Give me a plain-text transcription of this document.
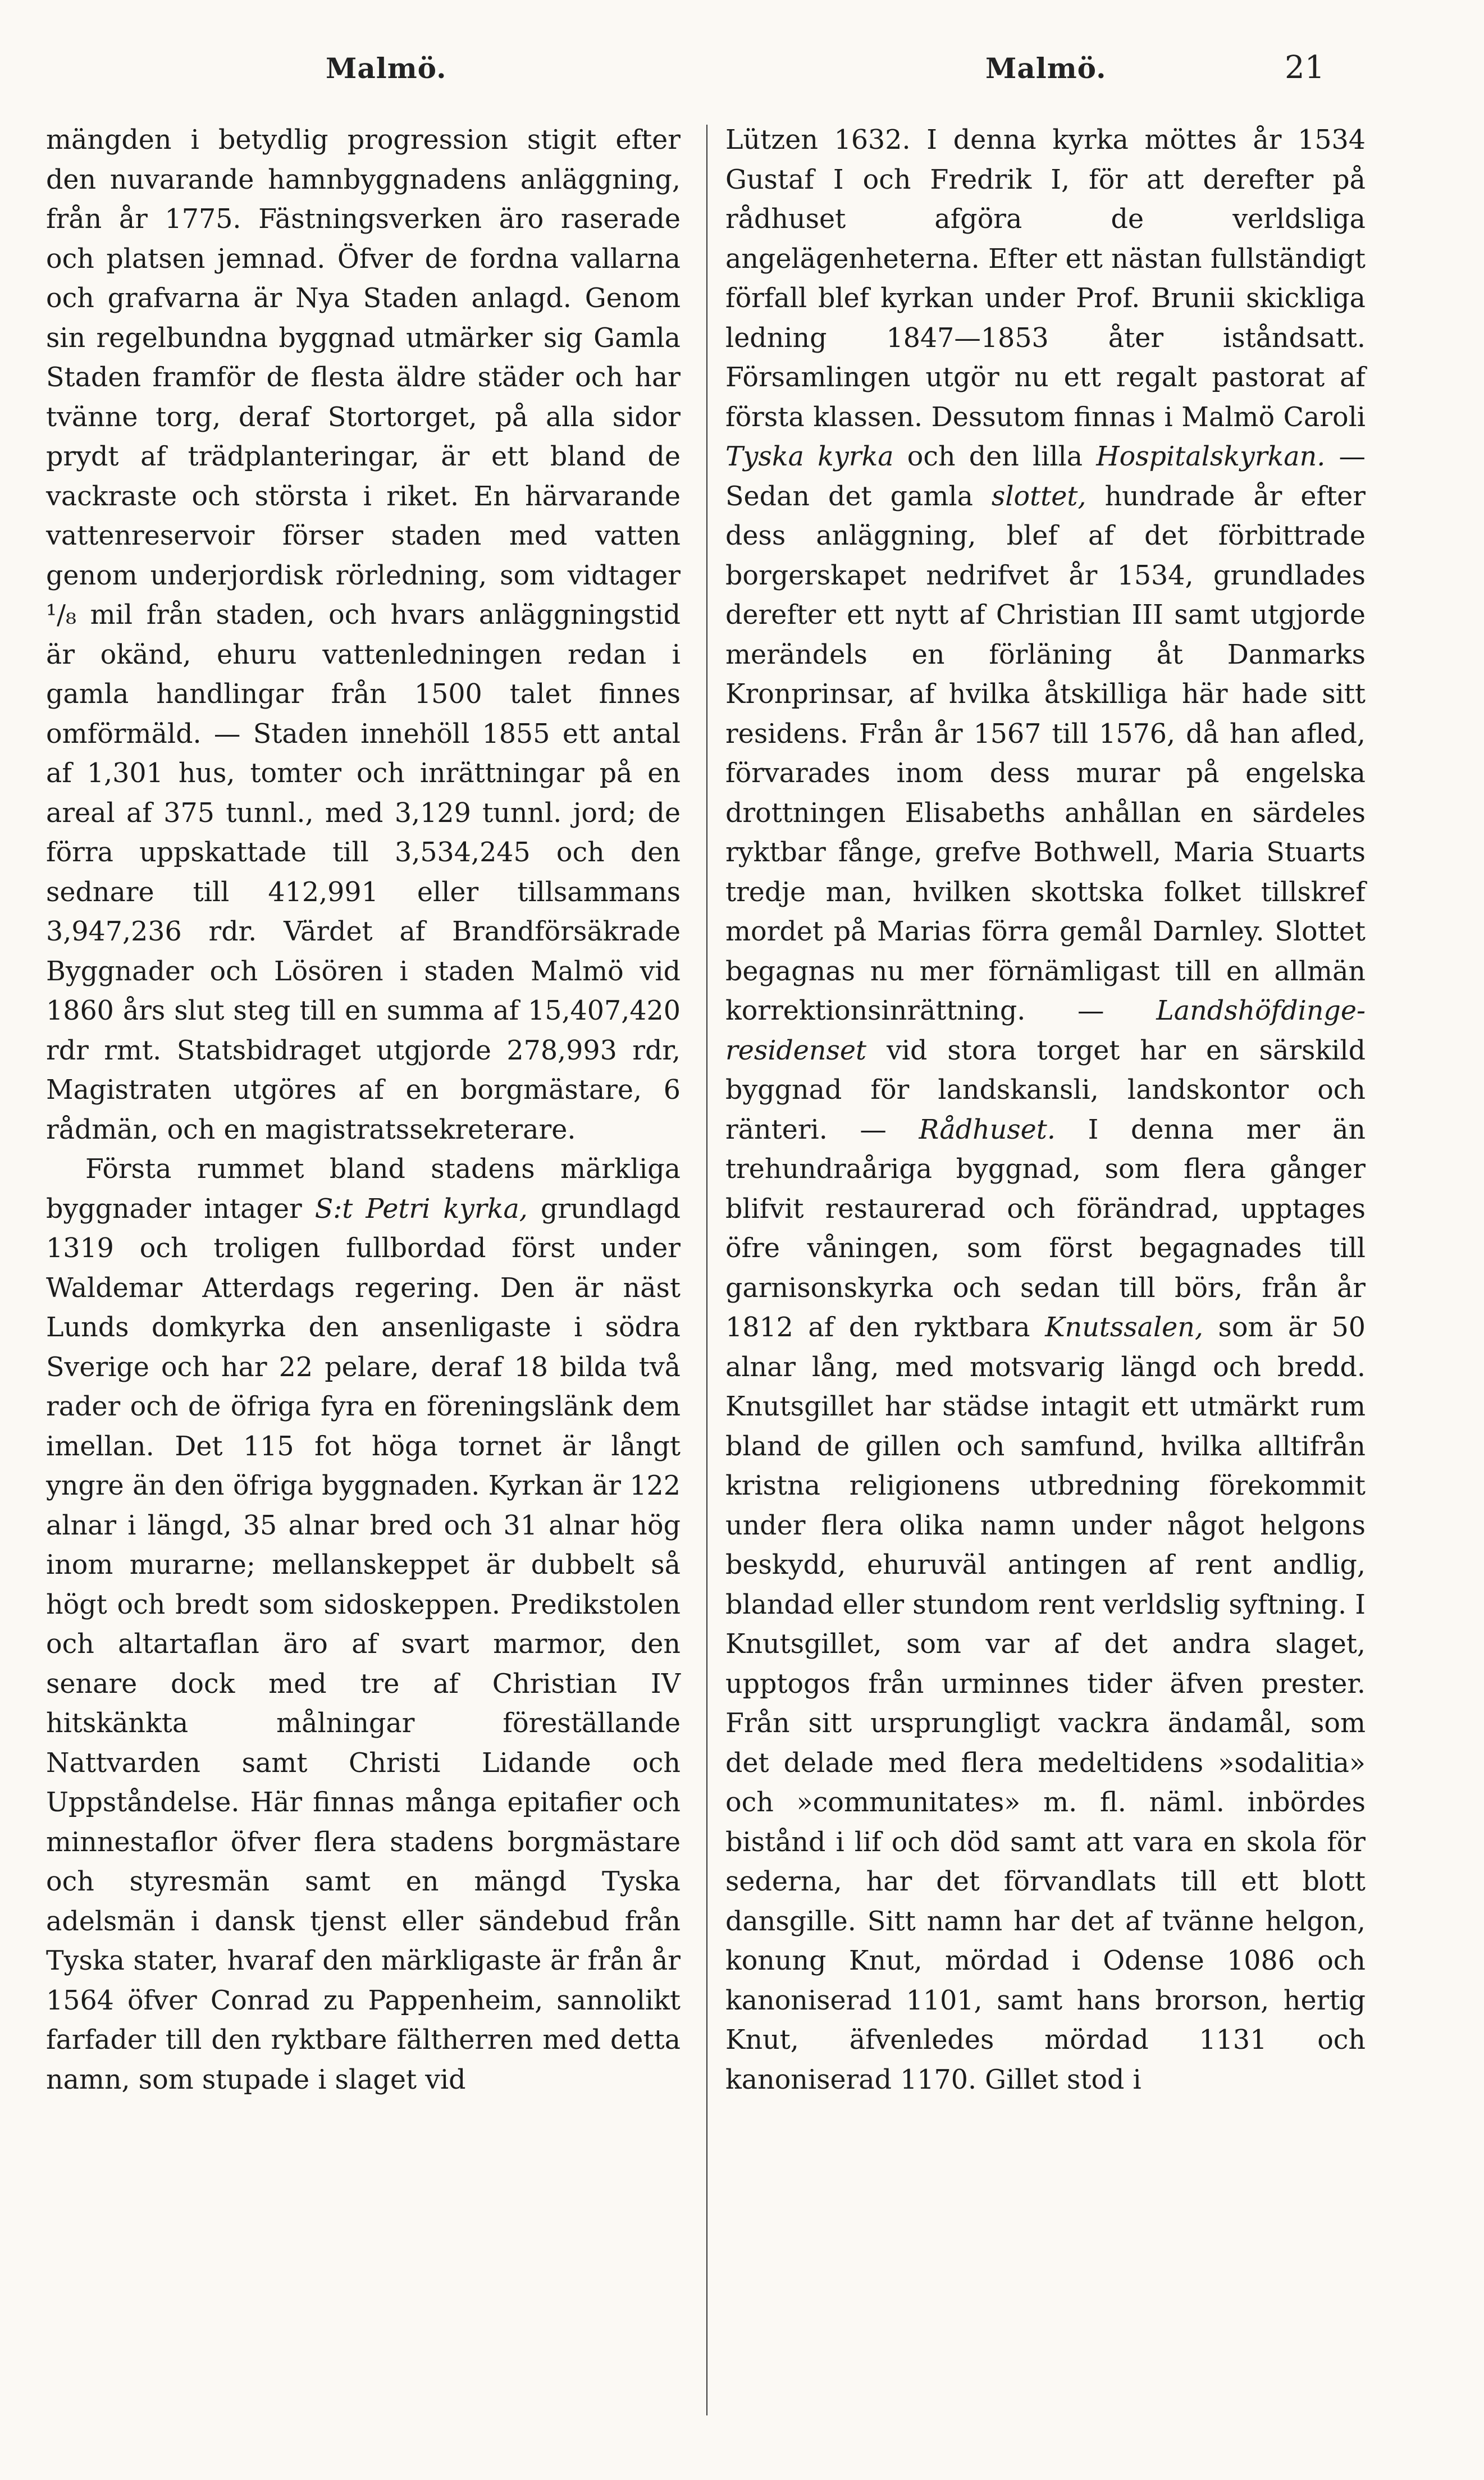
Malmö.	Malmö.	21

mängden i betydlig progression stigit efter den nuvarande hamnbyggnadens anläggning, från år 1775. Fästningsverken äro raserade och platsen jemnad. Öfver de fordna vallarna och grafvarna är Nya Staden anlagd. Genom sin regelbundna byggnad utmärker sig Gamla Staden framför de flesta äldre städer och har tvänne torg, deraf Stortorget, på alla sidor prydt af trädplanteringar, är ett bland de vackraste och största i riket. En härvarande vattenreservoir förser staden med vatten genom underjordisk rörledning, som vidtager ¹/₈ mil från staden, och hvars anläggningstid är okänd, ehuru vattenledningen redan i gamla handlingar från 1500 talet finnes omförmäld. — Staden innehöll 1855 ett antal af 1,301 hus, tomter och inrättningar på en areal af 375 tunnl., med 3,129 tunnl. jord; de förra uppskattade till 3,534,245 och den sednare till 412,991 eller tillsammans 3,947,236 rdr. Värdet af Brandförsäkrade Byggnader och Lösören i staden Malmö vid 1860 års slut steg till en summa af 15,407,420 rdr rmt. Statsbidraget utgjorde 278,993 rdr, Magistraten utgöres af en borgmästare, 6 rådmän, och en magistratssekreterare.

Första rummet bland stadens märkliga byggnader intager S:t Petri kyrka, grundlagd 1319 och troligen fullbordad först under Waldemar Atterdags regering. Den är näst Lunds domkyrka den ansenligaste i södra Sverige och har 22 pelare, deraf 18 bilda två rader och de öfriga fyra en föreningslänk dem imellan. Det 115 fot höga tornet är långt yngre än den öfriga byggnaden. Kyrkan är 122 alnar i längd, 35 alnar bred och 31 alnar hög inom murarne; mellanskeppet är dubbelt så högt och bredt som sidoskeppen. Predikstolen och altartaflan äro af svart marmor, den senare dock med tre af Christian IV hitskänkta målningar föreställande Nattvarden samt Christi Lidande och Uppståndelse. Här finnas många epitafier och minnestaflor öfver flera stadens borgmästare och styresmän samt en mängd Tyska adelsmän i dansk tjenst eller sändebud från Tyska stater, hvaraf den märkligaste är från år 1564 öfver Conrad zu Pappenheim, sannolikt farfader till den ryktbare fältherren med detta namn, som stupade i slaget vid

Lützen 1632. I denna kyrka möttes år 1534 Gustaf I och Fredrik I, för att derefter på rådhuset afgöra de verldsliga angelägenheterna. Efter ett nästan fullständigt förfall blef kyrkan under Prof. Brunii skickliga ledning 1847—1853 åter iståndsatt. Församlingen utgör nu ett regalt pastorat af första klassen. Dessutom finnas i Malmö Caroli Tyska kyrka och den lilla Hospitalskyrkan. — Sedan det gamla slottet, hundrade år efter dess anläggning, blef af det förbittrade borgerskapet nedrifvet år 1534, grundlades derefter ett nytt af Christian III samt utgjorde merändels en förläning åt Danmarks Kronprinsar, af hvilka åtskilliga här hade sitt residens. Från år 1567 till 1576, då han afled, förvarades inom dess murar på engelska drottningen Elisabeths anhållan en särdeles ryktbar fånge, grefve Bothwell, Maria Stuarts tredje man, hvilken skottska folket tillskref mordet på Marias förra gemål Darnley. Slottet begagnas nu mer förnämligast till en allmän korrektionsinrättning. — Landshöfdinge-residenset vid stora torget har en särskild byggnad för landskansli, landskontor och ränteri. — Rådhuset. I denna mer än trehundraåriga byggnad, som flera gånger blifvit restaurerad och förändrad, upptages öfre våningen, som först begagnades till garnisonskyrka och sedan till börs, från år 1812 af den ryktbara Knutssalen, som är 50 alnar lång, med motsvarig längd och bredd. Knutsgillet har städse intagit ett utmärkt rum bland de gillen och samfund, hvilka alltifrån kristna religionens utbredning förekommit under flera olika namn under något helgons beskydd, ehuruväl antingen af rent andlig, blandad eller stundom rent verldslig syftning. I Knutsgillet, som var af det andra slaget, upptogos från urminnes tider äfven prester. Från sitt ursprungligt vackra ändamål, som det delade med flera medeltidens »sodalitia» och »communitates» m. fl. näml. inbördes bistånd i lif och död samt att vara en skola för sederna, har det förvandlats till ett blott dansgille. Sitt namn har det af tvänne helgon, konung Knut, mördad i Odense 1086 och kanoniserad 1101, samt hans brorson, hertig Knut, äfvenledes mördad 1131 och kanoniserad 1170. Gillet stod i
